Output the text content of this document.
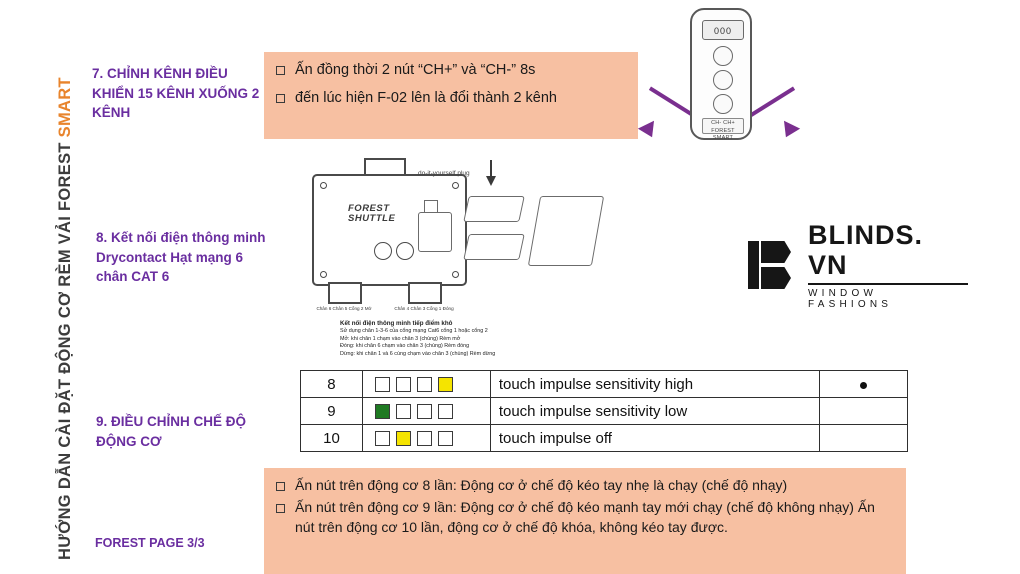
HƯỚNG DẪN CÀI ĐẶT ĐỘNG CƠ RÈM VẢI FOREST SMART
7. CHỈNH KÊNH ĐIỀU KHIỂN 15 KÊNH XUỐNG 2 KÊNH
Ấn đồng thời 2 nút “CH+” và “CH-” 8s
đến lúc hiện F-02 lên là đổi thành 2 kênh
000
CH- CH+
FOREST SMART
8. Kết nối điện thông minh Drycontact Hạt mạng 6 chân CAT 6
FOREST
SHUTTLE
Chân 6 Chân 5 Cổng 2 Mở	Chân 4 Chân 3 Cổng 1 Đóng
do-it-yourself plug
Kết nối điện thông minh tiếp điểm khô
Sử dụng chân 1-3-6 của cổng mạng Cat6 cổng 1 hoặc cổng 2
Mở: khi chân 1 chạm vào chân 3 (chùng) Rèm mở
Đóng: khi chân 6 chạm vào chân 3 (chùng) Rèm đóng
Dừng: khi chân 1 và 6 cùng chạm vào chân 3 (chùng) Rèm dừng
BLINDS. VN
WINDOW FASHIONS
9. ĐIỀU CHỈNH CHẾ ĐỘ ĐỘNG CƠ
8		touch impulse sensitivity high	
9		touch impulse sensitivity low	
10		touch impulse off	
Ấn nút trên động cơ 8 lần: Động cơ ở chế độ kéo tay nhẹ là chạy (chế độ nhạy)
Ấn nút trên động cơ 9 lần: Động cơ ở chế độ kéo mạnh tay mới chạy (chế độ không nhạy) Ấn nút trên động cơ 10 lần, động cơ ở chế độ khóa, không kéo tay được.
FOREST PAGE 3/3
